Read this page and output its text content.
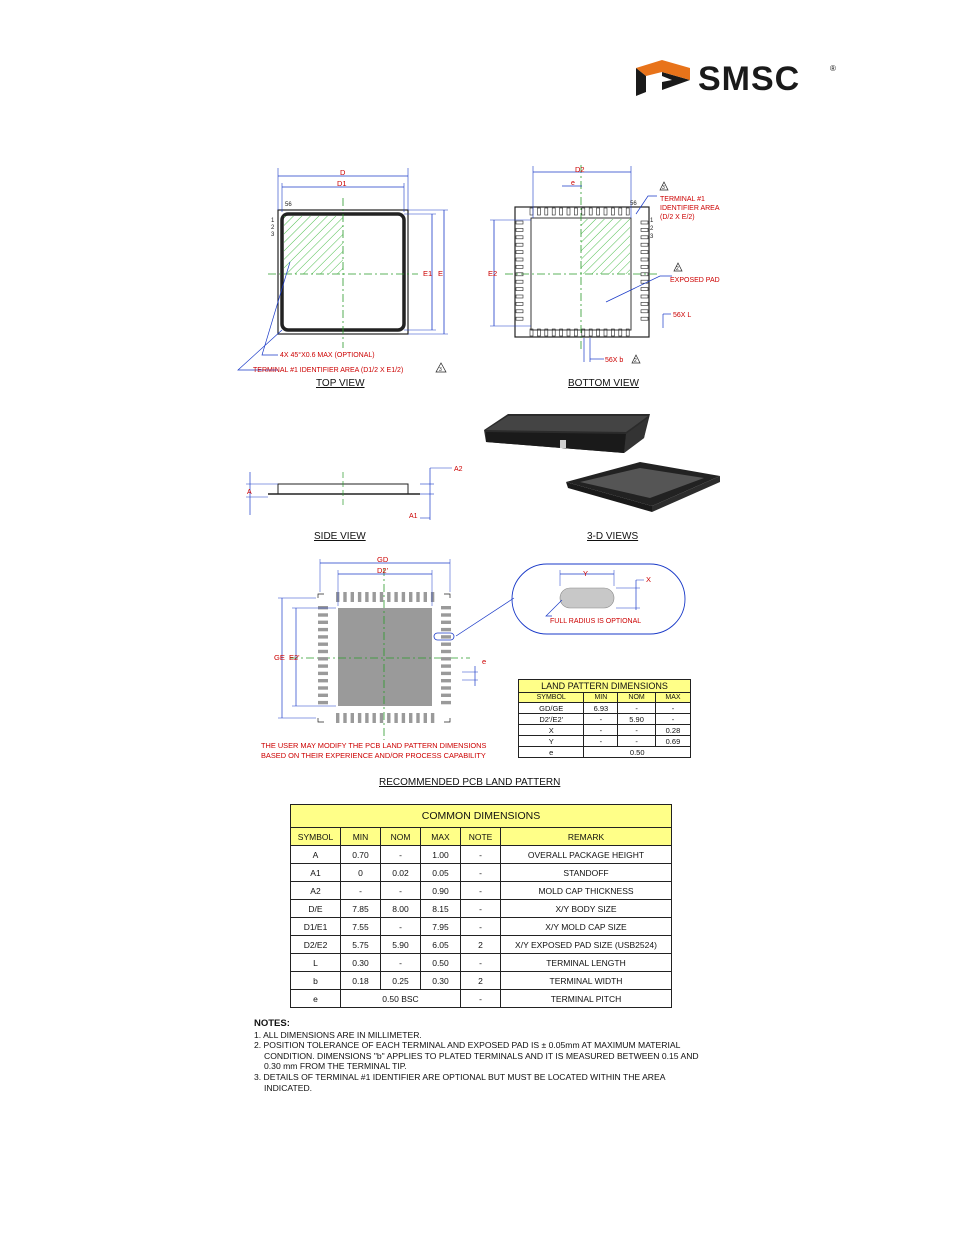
SMSC	®
D
D1
E1 E
56
1
2
3
4X 45°X0.6 MAX (OPTIONAL)
TERMINAL #1 IDENTIFIER AREA (D1/2 X E1/2)	3
D2
e
E2
56
1
2
3
3
TERMINAL #1
IDENTIFIER AREA
(D/2 X E/2)
2
EXPOSED PAD
56X L
56X b 2
A
A2
A1
GD
D2'
GE E2'	e
Y
X
FULL RADIUS IS OPTIONAL
TOP VIEW	BOTTOM VIEW
SIDE VIEW	3-D VIEWS
RECOMMENDED PCB LAND PATTERN
THE USER MAY MODIFY THE PCB LAND PATTERN DIMENSIONS
BASED ON THEIR EXPERIENCE AND/OR PROCESS CAPABILITY
LAND PATTERN DIMENSIONS			
SYMBOL	MIN	NOM	MAX
GD/GE	6.93	-	-
D2'/E2'	-	5.90	-
X	-	-	0.28
Y	-	-	0.69
e	0.50		
COMMON DIMENSIONS					
SYMBOL	MIN	NOM	MAX	NOTE	REMARK
A	0.70	-	1.00	-	OVERALL PACKAGE HEIGHT
A1	0	0.02	0.05	-	STANDOFF
A2	-	-	0.90	-	MOLD CAP THICKNESS
D/E	7.85	8.00	8.15	-	X/Y BODY SIZE
D1/E1	7.55	-	7.95	-	X/Y MOLD CAP SIZE
D2/E2	5.75	5.90	6.05	2	X/Y EXPOSED PAD SIZE (USB2524)
L	0.30	-	0.50	-	TERMINAL LENGTH
b	0.18	0.25	0.30	2	TERMINAL WIDTH
e	0.50 BSC			-	TERMINAL PITCH
NOTES:
1. ALL DIMENSIONS ARE IN MILLIMETER.
2. POSITION TOLERANCE OF EACH TERMINAL AND EXPOSED PAD IS ± 0.05mm AT MAXIMUM MATERIAL
CONDITION. DIMENSIONS "b" APPLIES TO PLATED TERMINALS AND IT IS MEASURED BETWEEN 0.15 AND
0.30 mm FROM THE TERMINAL TIP.
3. DETAILS OF TERMINAL #1 IDENTIFIER ARE OPTIONAL BUT MUST BE LOCATED WITHIN THE AREA
INDICATED.
